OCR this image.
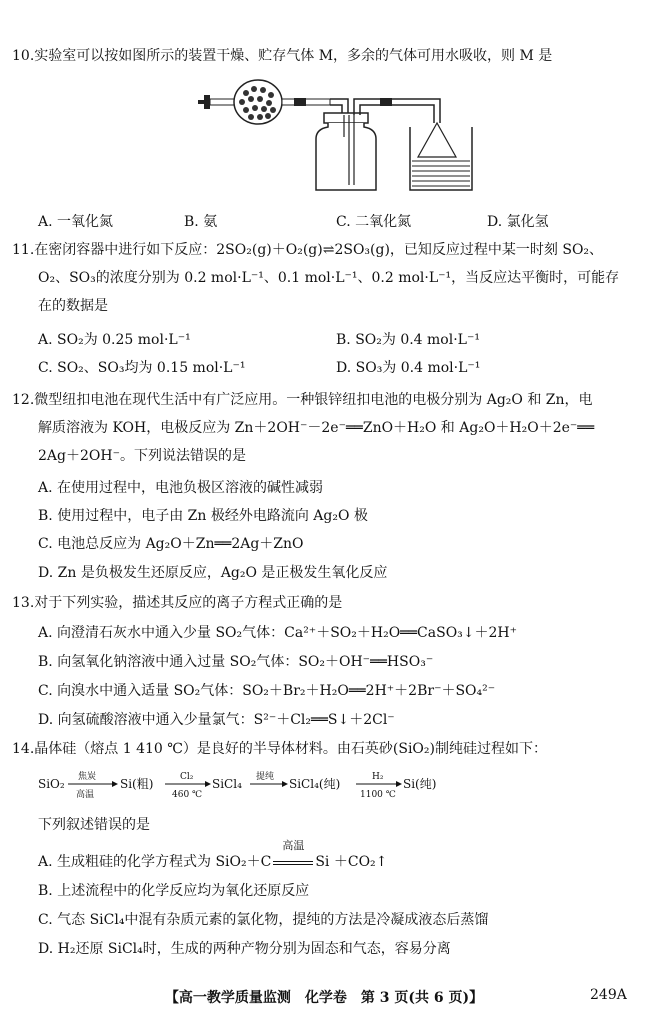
10.实验室可以按如图所示的装置干燥、贮存气体 M，多余的气体可用水吸收，则 M 是
A. 一氧化氮	B. 氨	C. 二氧化氮	D. 氯化氢
11.在密闭容器中进行如下反应：2SO₂(g)＋O₂(g)⇌2SO₃(g)，已知反应过程中某一时刻 SO₂、
O₂、SO₃的浓度分别为 0.2 mol·L⁻¹、0.1 mol·L⁻¹、0.2 mol·L⁻¹，当反应达平衡时，可能存
在的数据是
A. SO₂为 0.25 mol·L⁻¹	B. SO₂为 0.4 mol·L⁻¹
C. SO₂、SO₃均为 0.15 mol·L⁻¹	D. SO₃为 0.4 mol·L⁻¹
12.微型纽扣电池在现代生活中有广泛应用。一种银锌纽扣电池的电极分别为 Ag₂O 和 Zn，电
解质溶液为 KOH，电极反应为 Zn＋2OH⁻－2e⁻══ZnO＋H₂O 和 Ag₂O＋H₂O＋2e⁻══
2Ag＋2OH⁻。下列说法错误的是
A. 在使用过程中，电池负极区溶液的碱性减弱
B. 使用过程中，电子由 Zn 极经外电路流向 Ag₂O 极
C. 电池总反应为 Ag₂O＋Zn══2Ag＋ZnO
D. Zn 是负极发生还原反应，Ag₂O 是正极发生氧化反应
13.对于下列实验，描述其反应的离子方程式正确的是
A. 向澄清石灰水中通入少量 SO₂气体：Ca²⁺＋SO₂＋H₂O══CaSO₃↓＋2H⁺
B. 向氢氧化钠溶液中通入过量 SO₂气体：SO₂＋OH⁻══HSO₃⁻
C. 向溴水中通入适量 SO₂气体：SO₂＋Br₂＋H₂O══2H⁺＋2Br⁻＋SO₄²⁻
D. 向氢硫酸溶液中通入少量氯气：S²⁻＋Cl₂══S↓＋2Cl⁻
14.晶体硅（熔点 1 410 ℃）是良好的半导体材料。由石英砂(SiO₂)制纯硅过程如下：
SiO₂ 焦炭
高温
Si(粗)	Cl₂
460 ℃
SiCl₄ 提纯 SiCl₄(纯)	H₂
1100 ℃
Si(纯)
下列叙述错误的是
A. 生成粗硅的化学方程式为 SiO₂＋C
高温
Si ＋CO₂↑
B. 上述流程中的化学反应均为氧化还原反应
C. 气态 SiCl₄中混有杂质元素的氯化物，提纯的方法是冷凝成液态后蒸馏
D. H₂还原 SiCl₄时，生成的两种产物分别为固态和气态，容易分离
【高一教学质量监测　化学卷　第 3 页(共 6 页)】	249A
